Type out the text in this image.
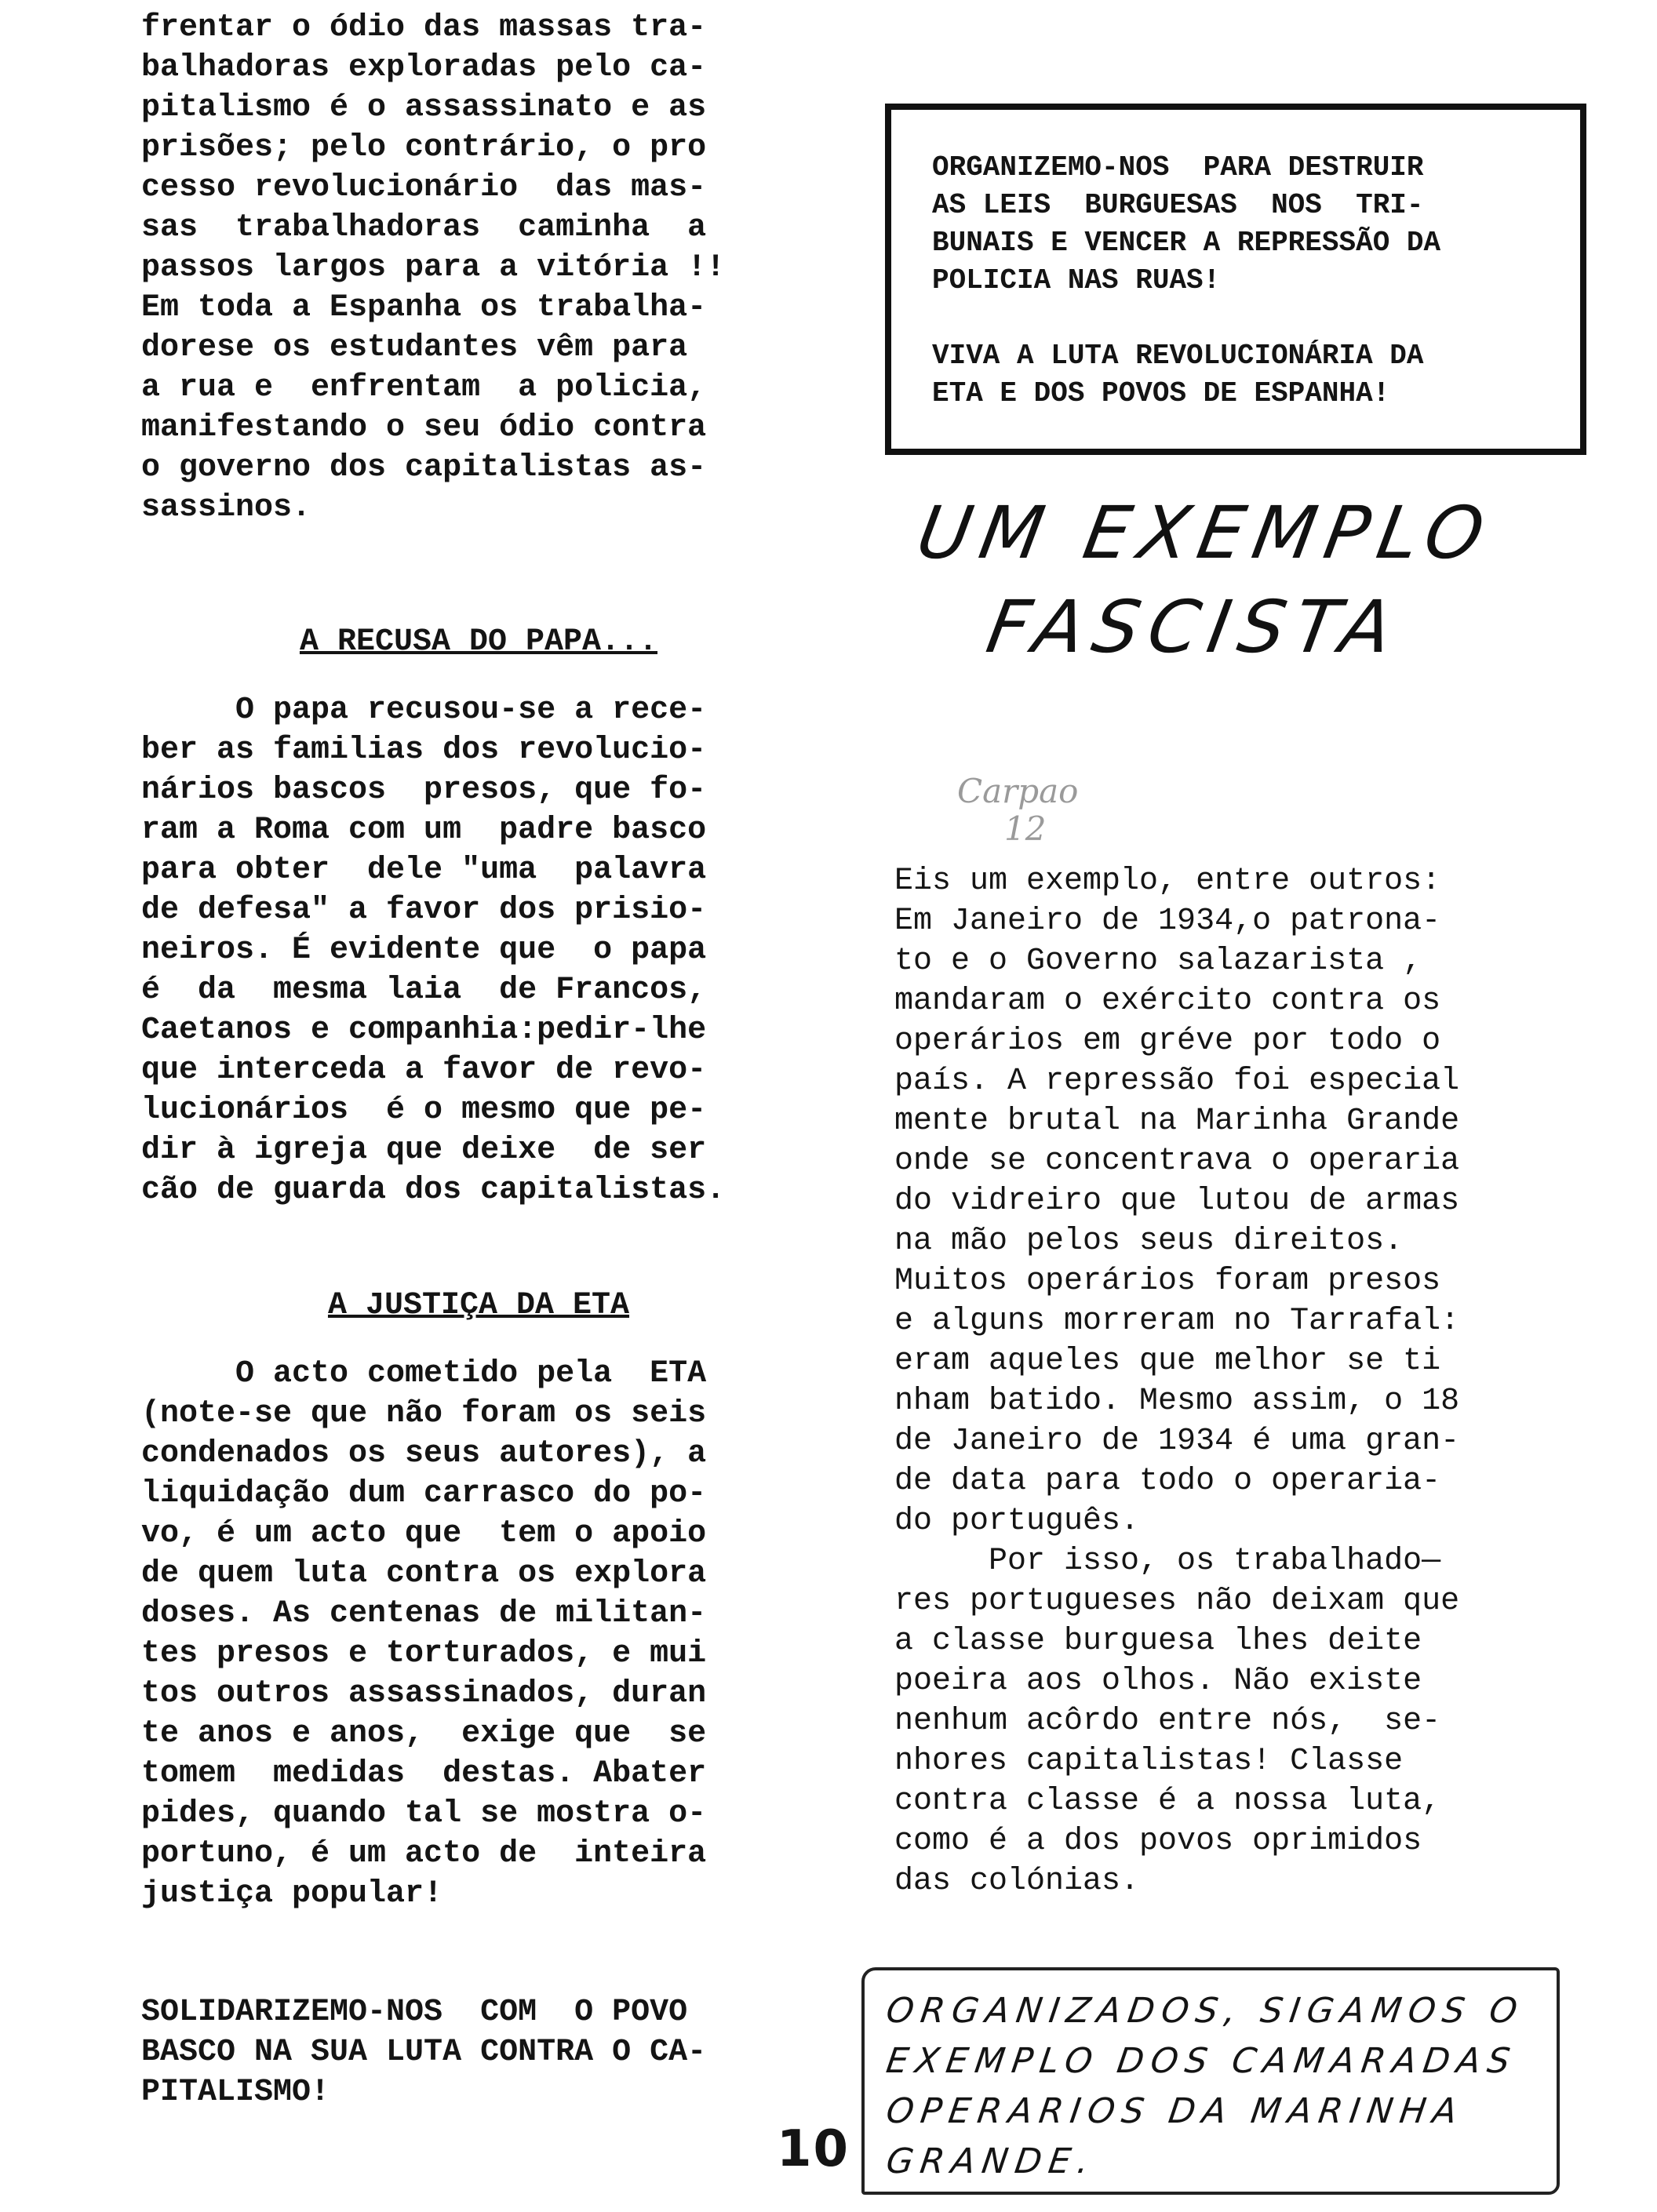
frentar o ódio das massas tra-

balhadoras exploradas pelo ca-

pitalismo é o assassinato e as

prisões; pelo contrário, o pro

cesso revolucionário  das mas-

sas  trabalhadoras  caminha  a

passos largos para a vitória !!

Em toda a Espanha os trabalha-

dorese os estudantes vêm para

a rua e  enfrentam  a policia,

manifestando o seu ódio contra

o governo dos capitalistas as-

sassinos.

A RECUSA DO PAPA...

O papa recusou-se a rece-

ber as familias dos revolucio-

nários bascos  presos, que fo-

ram a Roma com um  padre basco

para obter  dele "uma  palavra

de defesa" a favor dos prisio-

neiros. É evidente que  o papa

é  da  mesma laia  de Francos,

Caetanos e companhia:pedir-lhe

que interceda a favor de revo-

lucionários  é o mesmo que pe-

dir à igreja que deixe  de ser

cão de guarda dos capitalistas.

A JUSTIÇA DA ETA

O acto cometido pela  ETA

(note-se que não foram os seis

condenados os seus autores), a

liquidação dum carrasco do po-

vo, é um acto que  tem o apoio

de quem luta contra os explora

doses. As centenas de militan-

tes presos e torturados, e mui

tos outros assassinados, duran

te anos e anos,  exige que  se

tomem  medidas  destas. Abater

pides, quando tal se mostra o-

portuno, é um acto de  inteira

justiça popular!

SOLIDARIZEMO-NOS  COM  O POVO

BASCO NA SUA LUTA CONTRA O CA-

PITALISMO!

ORGANIZEMO-NOS  PARA DESTRUIR

AS LEIS  BURGUESAS  NOS  TRI-

BUNAIS E VENCER A REPRESSÃO DA

POLICIA NAS RUAS!

VIVA A LUTA REVOLUCIONÁRIA DA

ETA E DOS POVOS DE ESPANHA!

UM EXEMPLO
FASCISTA
Carpao
12

Eis um exemplo, entre outros:

Em Janeiro de 1934,o patrona-

to e o Governo salazarista ,

mandaram o exército contra os

operários em gréve por todo o

país. A repressão foi especial

mente brutal na Marinha Grande

onde se concentrava o operaria

do vidreiro que lutou de armas

na mão pelos seus direitos.

Muitos operários foram presos

e alguns morreram no Tarrafal:

eram aqueles que melhor se ti

nham batido. Mesmo assim, o 18

de Janeiro de 1934 é uma gran-

de data para todo o operaria-

do português.

Por isso, os trabalhado—

res portugueses não deixam que

a classe burguesa lhes deite

poeira aos olhos. Não existe

nenhum acôrdo entre nós,  se-

nhores capitalistas! Classe

contra classe é a nossa luta,

como é a dos povos oprimidos

das colónias.

ORGANIZADOS, SIGAMOS O

EXEMPLO DOS CAMARADAS

OPERARIOS DA MARINHA

GRANDE.

10
